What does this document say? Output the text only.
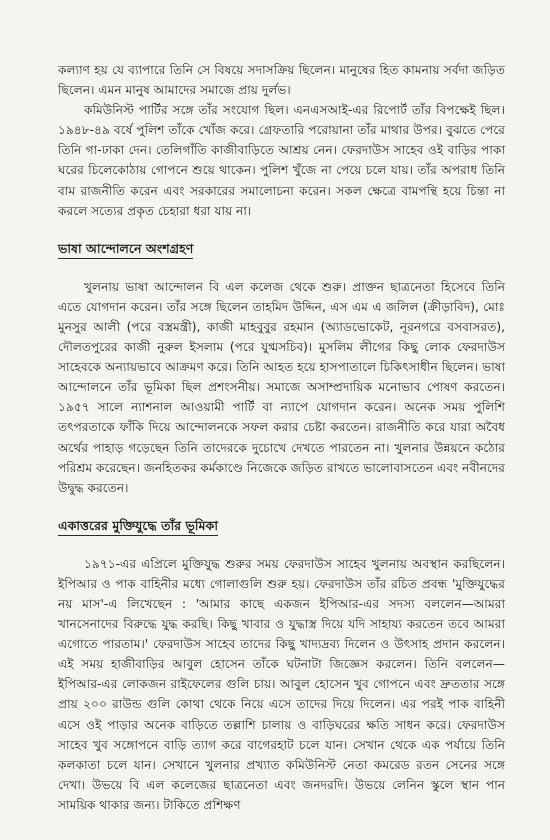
কল্যাণ হয় যে ব্যাপারে তিনি সে বিষয়ে সদাসক্রিয় ছিলেন। মানুষের হিত কামনায় সর্বদা জড়িত ছিলেন। এমন মানুষ আমাদের সমাজে প্রায় দুর্লভ।

কমিউনিস্ট পার্টির সঙ্গে তাঁর সংযোগ ছিল। এনএসআই-এর রিপোর্ট তাঁর বিপক্ষেই ছিল। ১৯৪৮-৪৯ বর্ষে পুলিশ তাঁকে খোঁজ করে। গ্রেফতারি পরোয়ানা তাঁর মাথার উপর। বুঝতে পেরে তিনি গা-ঢাকা দেন। তেলিগাঁতি কাজীবাড়িতে আশ্রয় নেন। ফেরদাউস সাহেব ওই বাড়ির পাকা ঘরের চিলেকোঠায় গোপনে শুয়ে থাকেন। পুলিশ খুঁজে না পেয়ে চলে যায়। তাঁর অপরাধ তিনি বাম রাজনীতি করেন এবং সরকারের সমালোচনা করেন। সকল ক্ষেত্রে বামপন্থি হয়ে চিন্তা না করলে সত্যের প্রকৃত চেহারা ধরা যায় না।

ভাষা আন্দোলনে অংশগ্রহণ

খুলনায় ভাষা আন্দোলন বি এল কলেজ থেকে শুরু। প্রাক্তন ছাত্রনেতা হিসেবে তিনি এতে যোগদান করেন। তাঁর সঙ্গে ছিলেন তাহমিদ উদ্দিন, এস এম এ জলিল (ক্রীড়াবিদ), মোঃ মুনসুর আলী (পরে বস্ত্রমন্ত্রী), কাজী মাহবুবুর রহমান (অ্যাডভোকেট, নূরনগরে বসবাসরত), দৌলতপুরের কাজী নুরুল ইসলাম (পরে যুগ্মসচিব)। মুসলিম লীগের কিছু লোক ফেরদাউস সাহেবকে অন্যায়ভাবে আক্রমণ করে। তিনি আহত হয়ে হাসপাতালে চিকিৎসাধীন ছিলেন। ভাষা আন্দোলনে তাঁর ভূমিকা ছিল প্রশংসনীয়। সমাজে অসাম্প্রদায়িক মনোভাব পোষণ করতেন। ১৯৫৭ সালে ন্যাশনাল আওয়ামী পার্টি বা ন্যাপে যোগদান করেন। অনেক সময় পুলিশি তৎপরতাকে ফাঁকি দিয়ে আন্দোলনকে সফল করার চেষ্টা করতেন। রাজনীতি করে যারা অবৈধ অর্থের পাহাড় গড়েছেন তিনি তাদেরকে দুচোখে দেখতে পারতেন না। খুলনার উন্নয়নে কঠোর পরিশ্রম করেছেন। জনহিতকর কর্মকাণ্ডে নিজেকে জড়িত রাখতে ভালোবাসতেন এবং নবীনদের উদ্বুদ্ধ করতেন।

একাত্তরের মুক্তিযুদ্ধে তাঁর ভূমিকা

১৯৭১-এর এপ্রিলে মুক্তিযুদ্ধ শুরুর সময় ফেরদাউস সাহেব খুলনায় অবস্থান করছিলেন। ইপিআর ও পাক বাহিনীর মধ্যে গোলাগুলি শুরু হয়। ফেরদাউস তাঁর রচিত প্রবন্ধ 'মুক্তিযুদ্ধের নয় মাস'-এ লিখেছেন : 'আমার কাছে একজন ইপিআর-এর সদস্য বললেন—আমরা খানসেনাদের বিরুদ্ধে যুদ্ধ করছি। কিছু খাবার ও যুদ্ধাস্ত্র দিয়ে যদি সাহায্য করতেন তবে আমরা এগোতে পারতাম।' ফেরদাউস সাহেব তাদের কিছু খাদ্যদ্রব্য দিলেন ও উৎসাহ প্রদান করলেন। এই সময় হাজীবাড়ির আবুল হোসেন তাঁকে ঘটনাটা জিজ্ঞেস করলেন। তিনি বললেন—ইপিআর-এর লোকজন রাইফেলের গুলি চায়। আবুল হোসেন খুব গোপনে এবং দ্রুততার সঙ্গে প্রায় ২০০ রাউন্ড গুলি কোথা থেকে নিয়ে এসে তাদের দিয়ে দিলেন। এর পরই পাক বাহিনী এসে ওই পাড়ার অনেক বাড়িতে তল্লাশি চালায় ও বাড়িঘরের ক্ষতি সাধন করে। ফেরদাউস সাহেব খুব সঙ্গোপনে বাড়ি ত্যাগ করে বাগেরহাট চলে যান। সেখান থেকে এক পর্যায়ে তিনি কলকাতা চলে যান। সেখানে খুলনার প্রখ্যাত কমিউনিস্ট নেতা কমরেড রতন সেনের সঙ্গে দেখা। উভয়ে বি এল কলেজের ছাত্রনেতা এবং জনদরদি। উভয়ে লেনিন স্কুলে স্থান পান সাময়িক থাকার জন্য। টাকিতে প্রশিক্ষণ
